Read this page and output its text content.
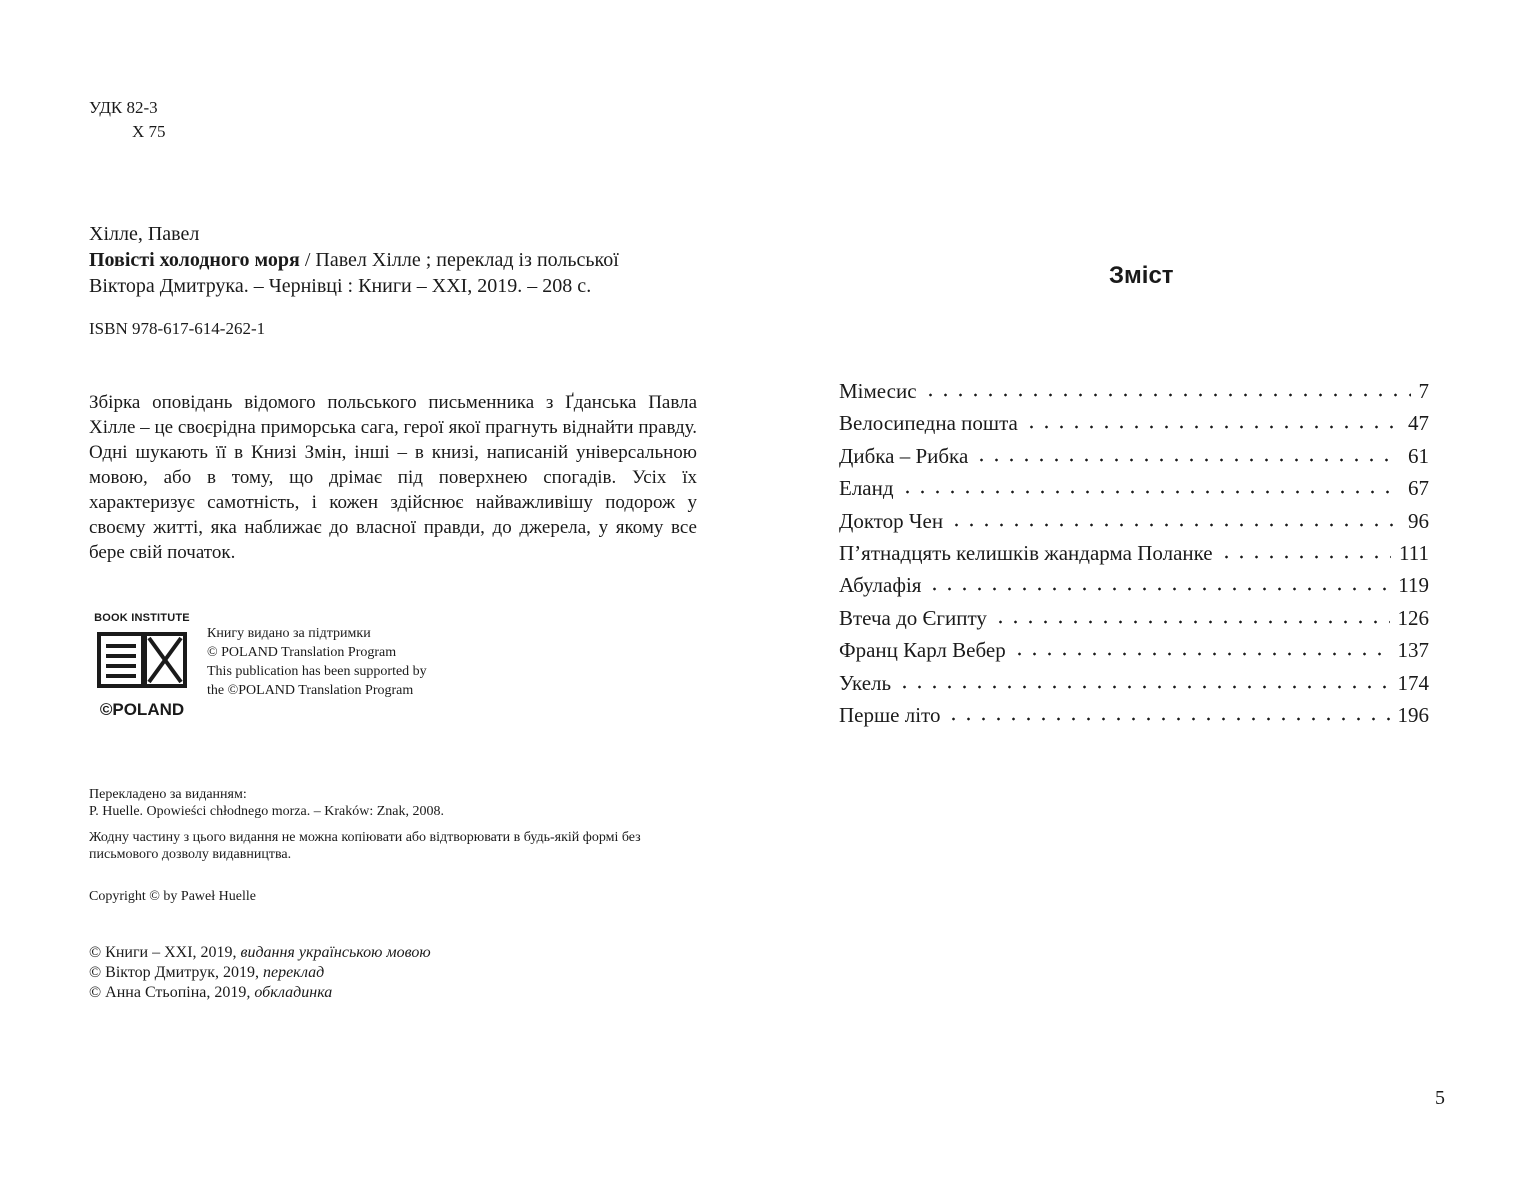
УДК 82-3
Х 75
Хілле, Павел
Повісті холодного моря / Павел Хілле ; переклад із польської
Віктора Дмитрука. – Чернівці : Книги – XXI, 2019. – 208 с.
ISBN 978-617-614-262-1
Збірка оповідань відомого польського письменника з Ґданська Павла Хілле – це своєрідна приморська сага, герої якої прагнуть віднайти правду. Одні шукають її в Книзі Змін, інші – в книзі, написаній універсальною мовою, або в тому, що дрімає під поверхнею спогадів. Усіх їх характеризує самотність, і кожен здійснює найважливішу подорож у своєму житті, яка наближає до власної правди, до джерела, у якому все бере свій початок.
BOOK INSTITUTE
©POLAND
Книгу видано за підтримки
© POLAND Translation Program
This publication has been supported by
the ©POLAND Translation Program
Перекладено за виданням:
P. Huelle. Opowieści chłodnego morza. – Kraków: Znak, 2008.
Жодну частину з цього видання не можна копіювати або відтворювати в будь-якій формі без письмового дозволу видавництва.
Copyright © by Paweł Huelle
© Книги – XXI, 2019, видання українською мовою
© Віктор Дмитрук, 2019, переклад
© Анна Стьопіна, 2019, обкладинка
Зміст
Мімесис	7
Велосипедна пошта	47
Дибка – Рибка	61
Еланд	67
Доктор Чен	96
П’ятнадцять келишків жандарма Поланке	111
Абулафія	119
Втеча до Єгипту	126
Франц Карл Вебер	137
Укель	174
Перше літо	196
5
